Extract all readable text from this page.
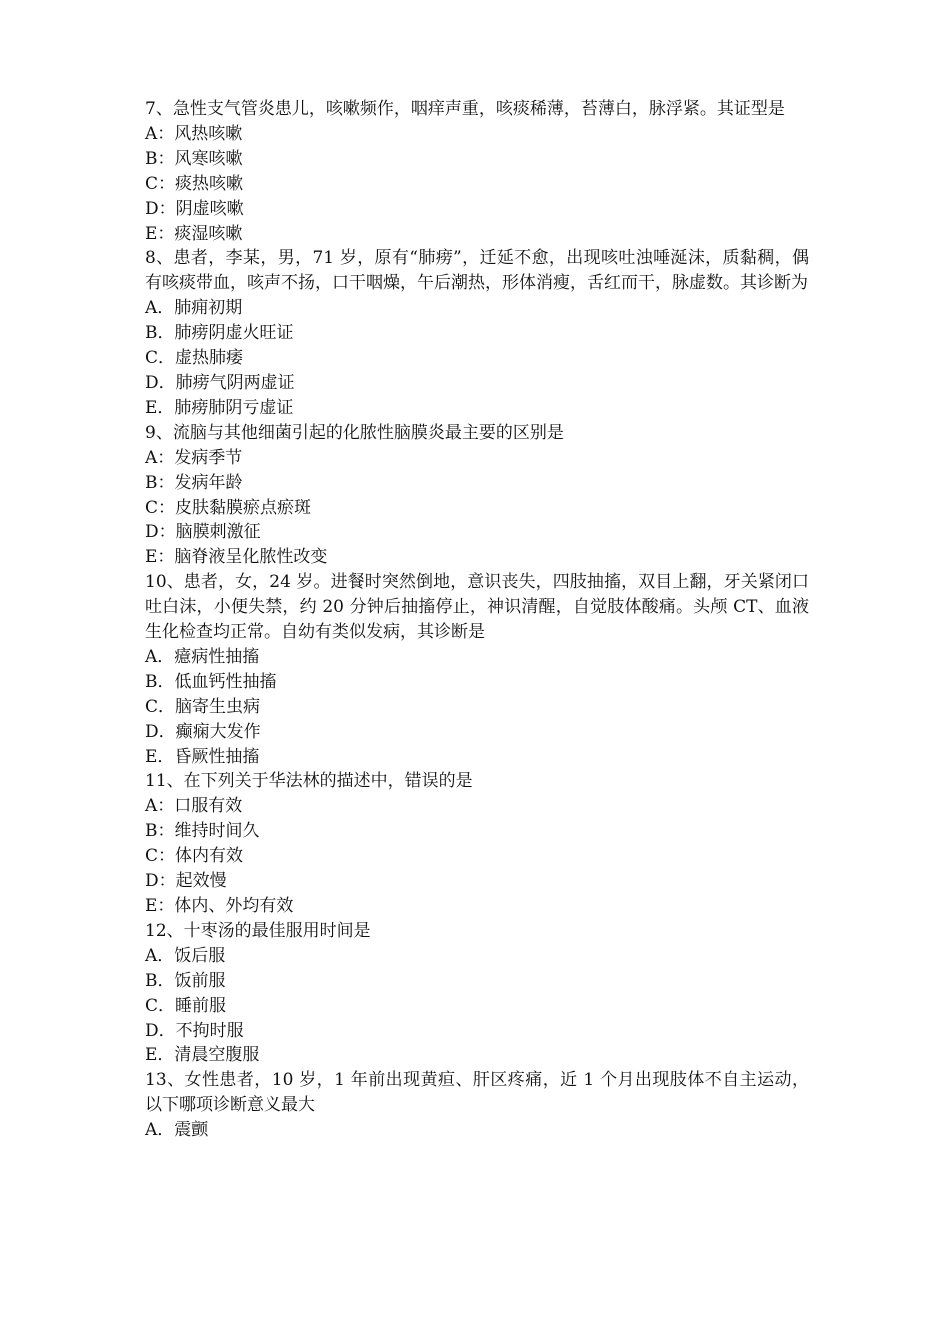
7、急性支气管炎患儿，咳嗽频作，咽痒声重，咳痰稀薄，苔薄白，脉浮紧。其证型是

A：风热咳嗽
B：风寒咳嗽
C：痰热咳嗽
D：阴虚咳嗽
E：痰湿咳嗽

8、患者，李某，男，71 岁，原有“肺痨”，迁延不愈，出现咳吐浊唾涎沫，质黏稠，偶有咳痰带血，咳声不扬，口干咽燥，午后潮热，形体消瘦，舌红而干，脉虚数。其诊断为

A．肺痈初期
B．肺痨阴虚火旺证
C．虚热肺痿
D．肺痨气阴两虚证
E．肺痨肺阴亏虚证

9、流脑与其他细菌引起的化脓性脑膜炎最主要的区别是

A：发病季节
B：发病年龄
C：皮肤黏膜瘀点瘀斑
D：脑膜刺激征
E：脑脊液呈化脓性改变

10、患者，女，24 岁。进餐时突然倒地，意识丧失，四肢抽搐，双目上翻，牙关紧闭口吐白沫，小便失禁，约 20 分钟后抽搐停止，神识清醒，自觉肢体酸痛。头颅 CT、血液生化检查均正常。自幼有类似发病，其诊断是

A．癔病性抽搐
B．低血钙性抽搐
C．脑寄生虫病
D．癫痫大发作
E．昏厥性抽搐

11、在下列关于华法林的描述中，错误的是

A：口服有效
B：维持时间久
C：体内有效
D：起效慢
E：体内、外均有效

12、十枣汤的最佳服用时间是

A．饭后服
B．饭前服
C．睡前服
D．不拘时服
E．清晨空腹服

13、女性患者，10 岁，1 年前出现黄疸、肝区疼痛，近 1 个月出现肢体不自主运动，以下哪项诊断意义最大

A．震颤
